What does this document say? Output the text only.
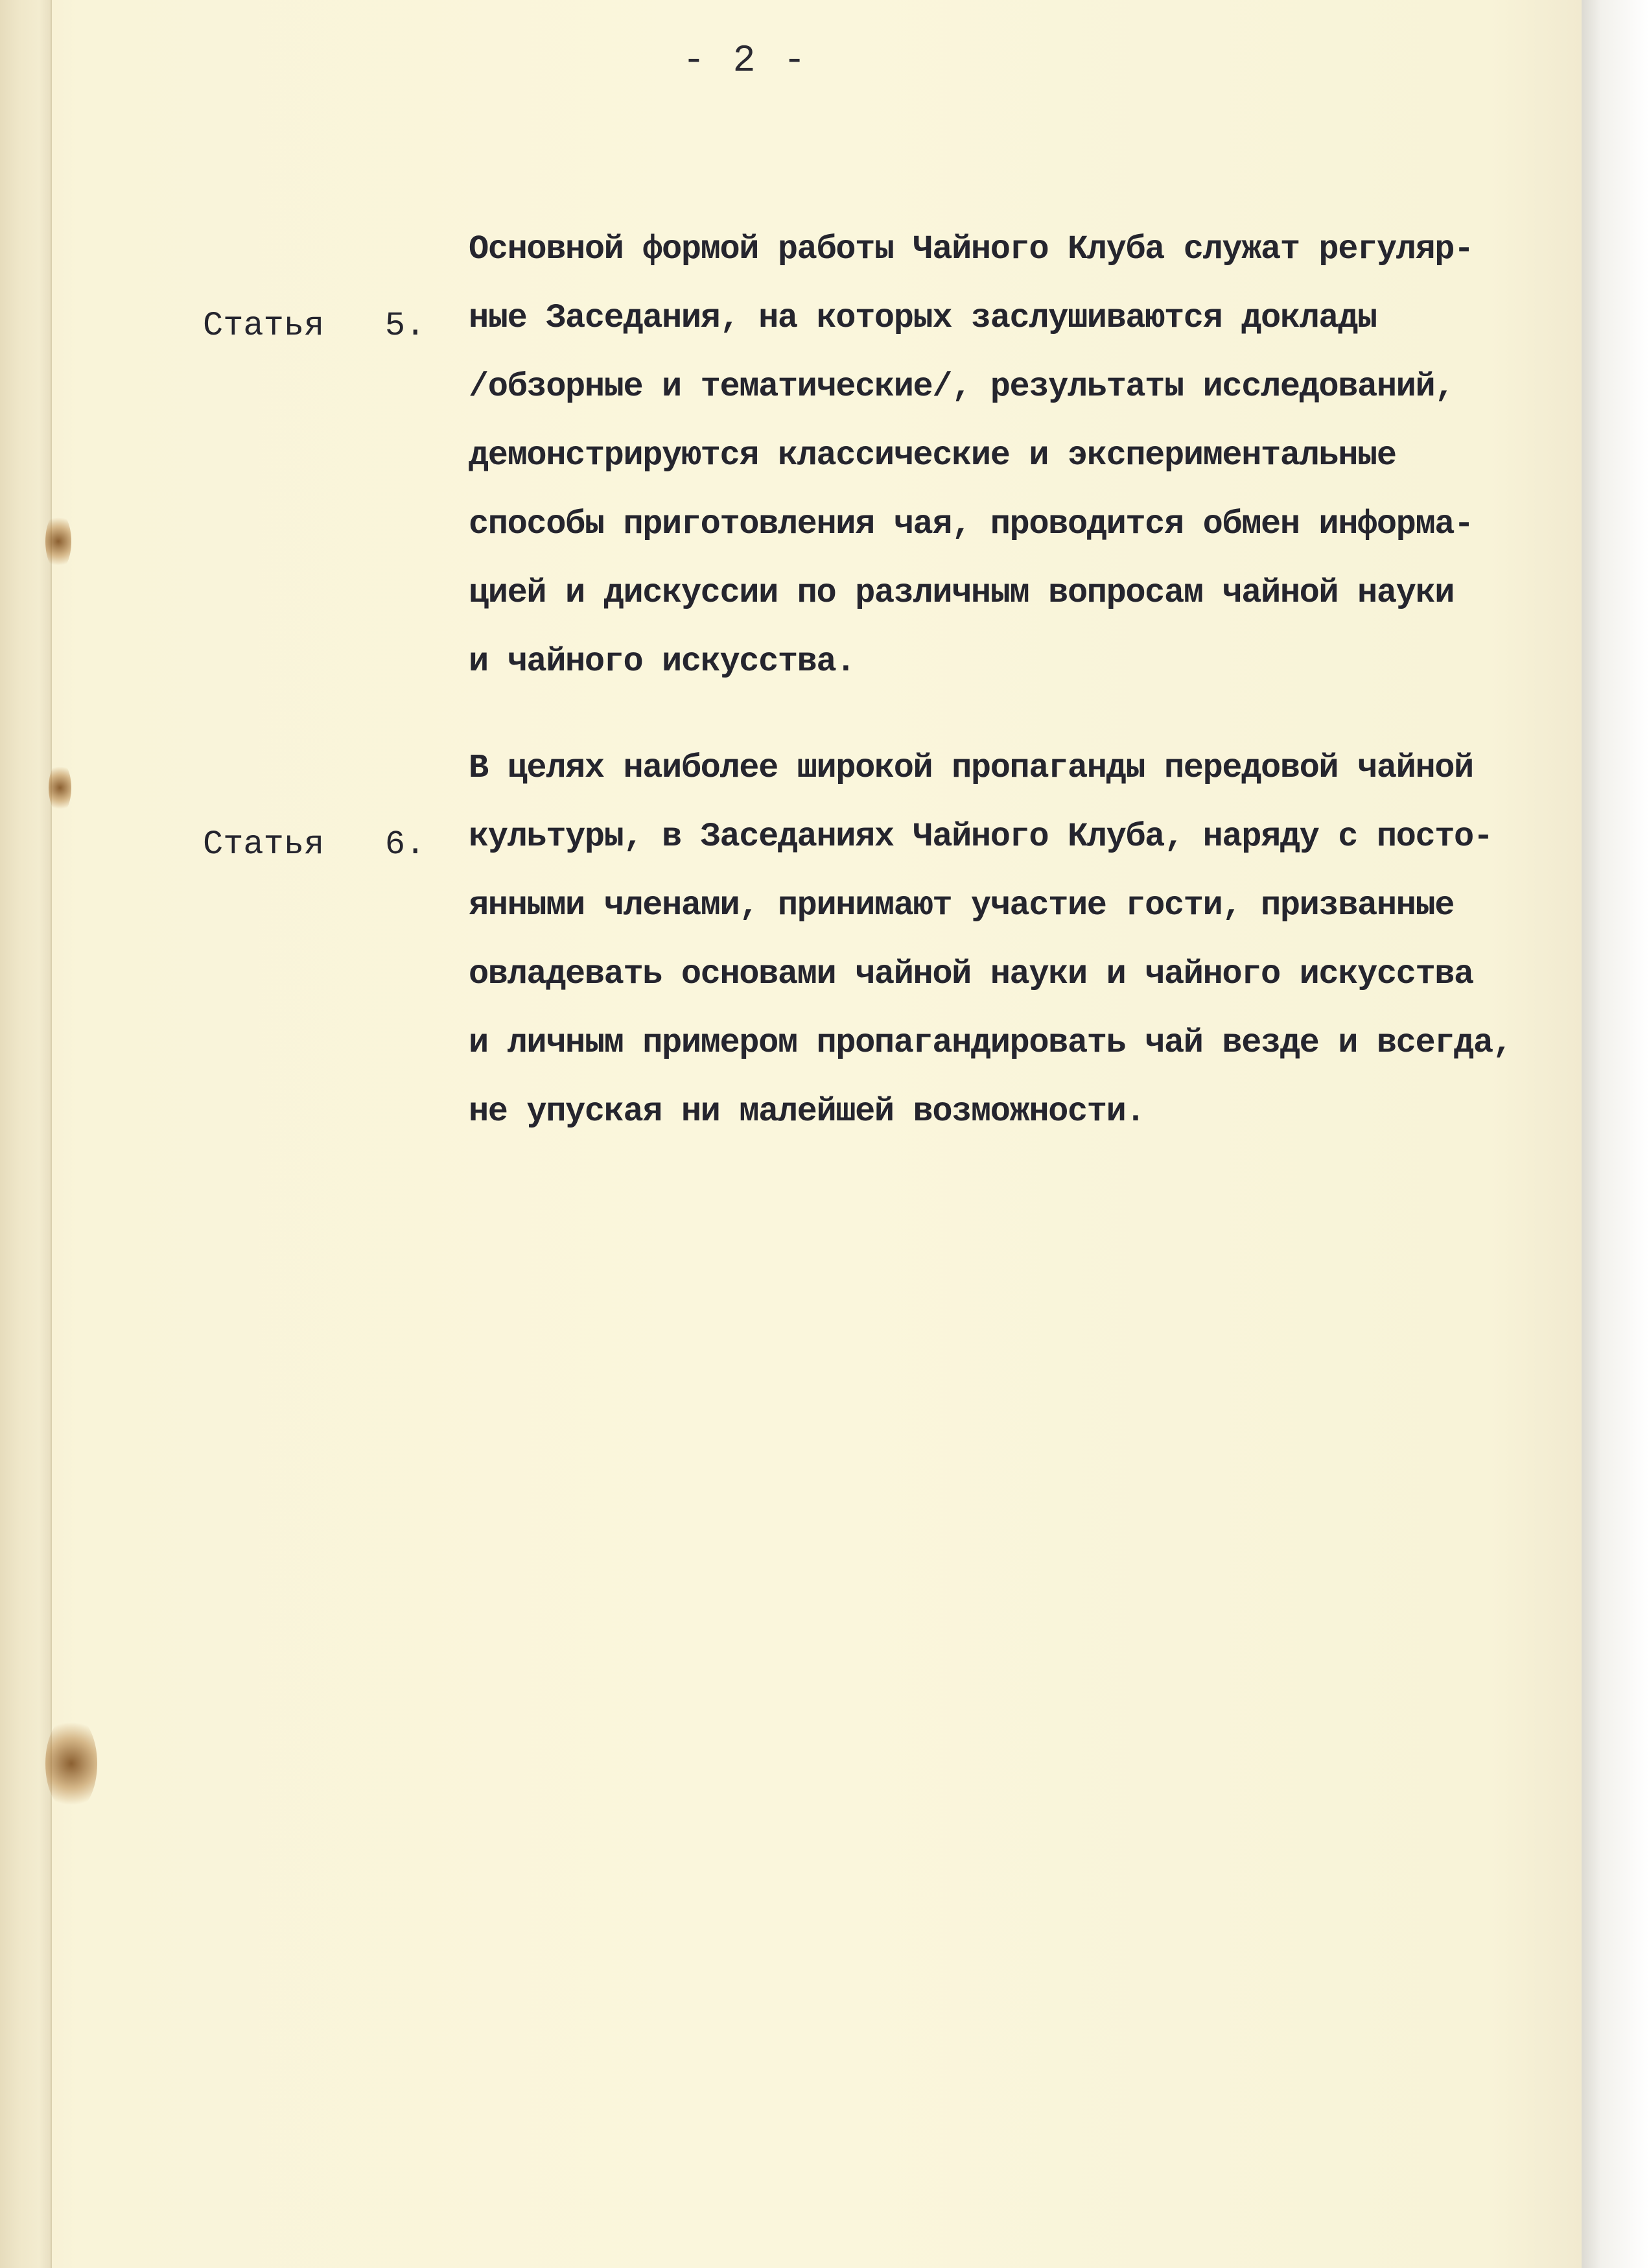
- 2 -

Статья 5.

Основной формой работы Чайного Клуба служат регуляр-
ные Заседания, на которых заслушиваются доклады
/обзорные и тематические/, результаты исследований,
демонстрируются классические и экспериментальные
способы приготовления чая, проводится обмен информа-
цией и дискуссии по различным вопросам чайной науки
и чайного искусства.

Статья 6.

В целях наиболее широкой пропаганды передовой чайной
культуры, в Заседаниях Чайного Клуба, наряду с посто-
янными членами, принимают участие гости, призванные
овладевать основами чайной науки и чайного искусства
и личным примером пропагандировать чай везде и всегда,
не упуская ни малейшей возможности.
